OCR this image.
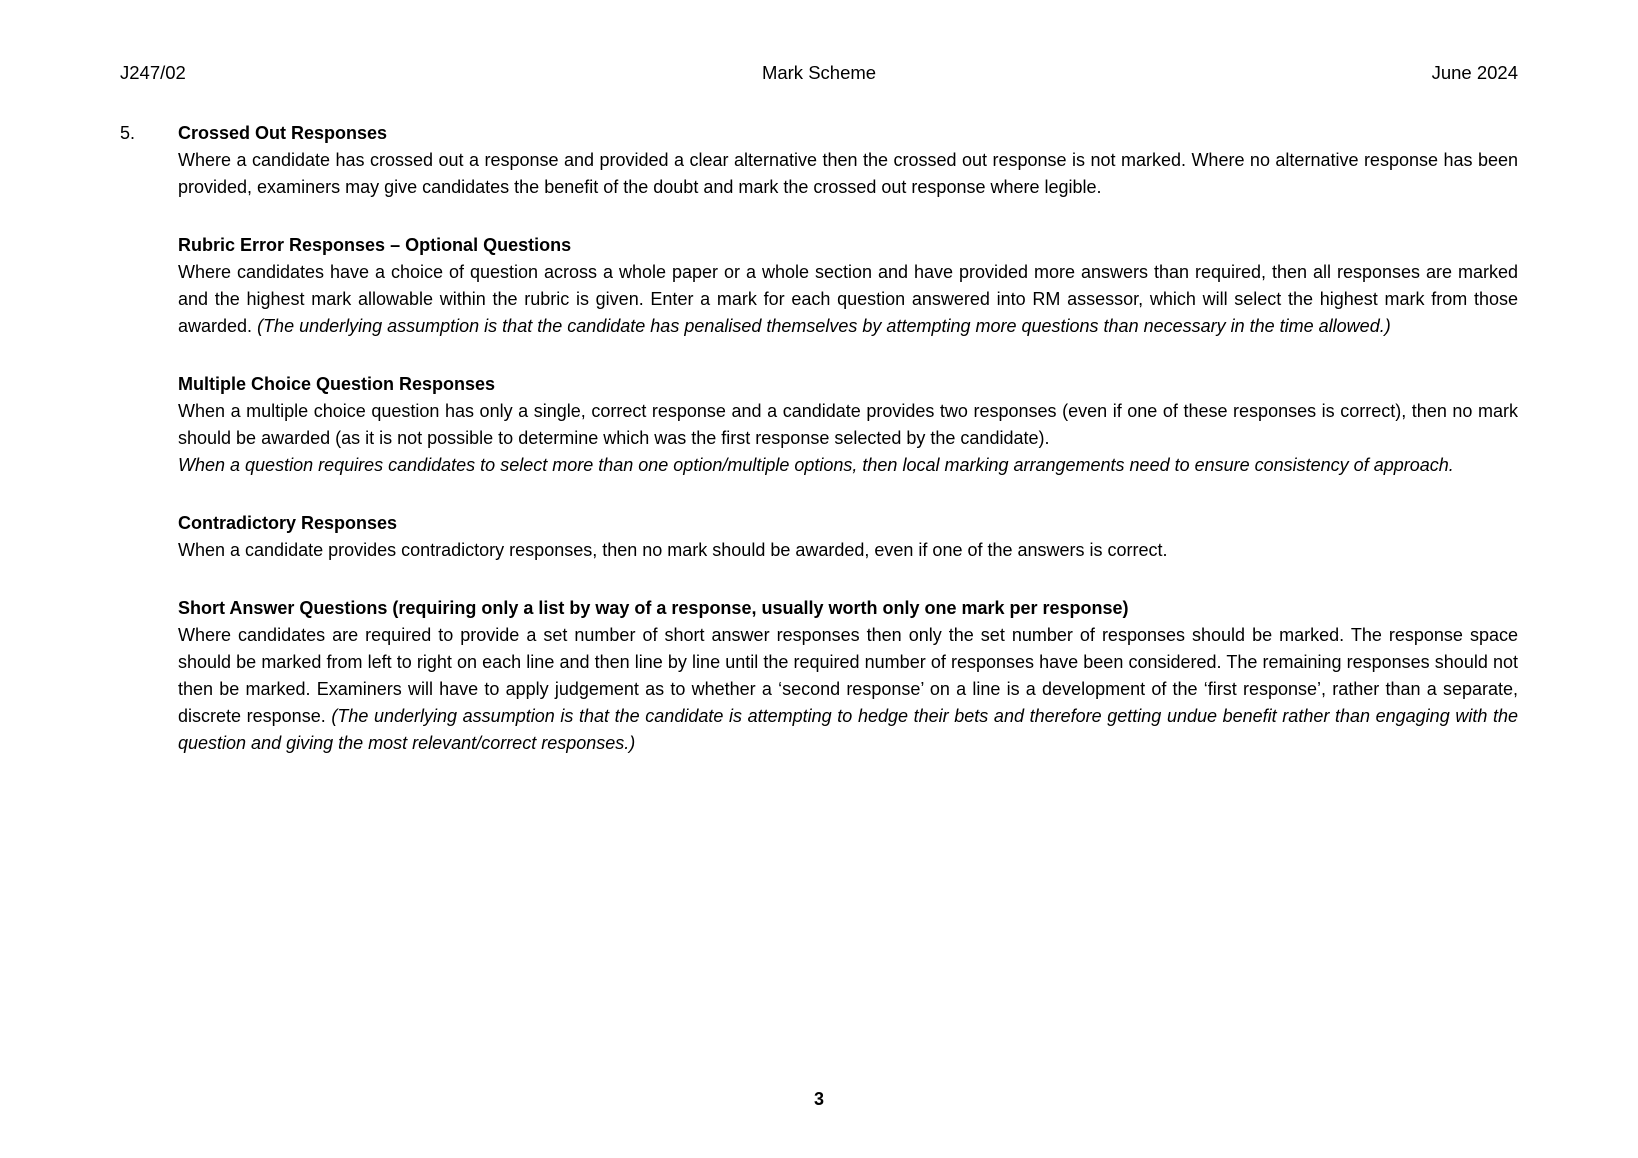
J247/02	Mark Scheme	June 2024
5. Crossed Out Responses

Where a candidate has crossed out a response and provided a clear alternative then the crossed out response is not marked. Where no alternative response has been provided, examiners may give candidates the benefit of the doubt and mark the crossed out response where legible.

Rubric Error Responses – Optional Questions

Where candidates have a choice of question across a whole paper or a whole section and have provided more answers than required, then all responses are marked and the highest mark allowable within the rubric is given. Enter a mark for each question answered into RM assessor, which will select the highest mark from those awarded. (The underlying assumption is that the candidate has penalised themselves by attempting more questions than necessary in the time allowed.)

Multiple Choice Question Responses

When a multiple choice question has only a single, correct response and a candidate provides two responses (even if one of these responses is correct), then no mark should be awarded (as it is not possible to determine which was the first response selected by the candidate).

When a question requires candidates to select more than one option/multiple options, then local marking arrangements need to ensure consistency of approach.

Contradictory Responses

When a candidate provides contradictory responses, then no mark should be awarded, even if one of the answers is correct.

Short Answer Questions (requiring only a list by way of a response, usually worth only one mark per response)

Where candidates are required to provide a set number of short answer responses then only the set number of responses should be marked. The response space should be marked from left to right on each line and then line by line until the required number of responses have been considered. The remaining responses should not then be marked. Examiners will have to apply judgement as to whether a ‘second response’ on a line is a development of the ‘first response’, rather than a separate, discrete response. (The underlying assumption is that the candidate is attempting to hedge their bets and therefore getting undue benefit rather than engaging with the question and giving the most relevant/correct responses.)

3
